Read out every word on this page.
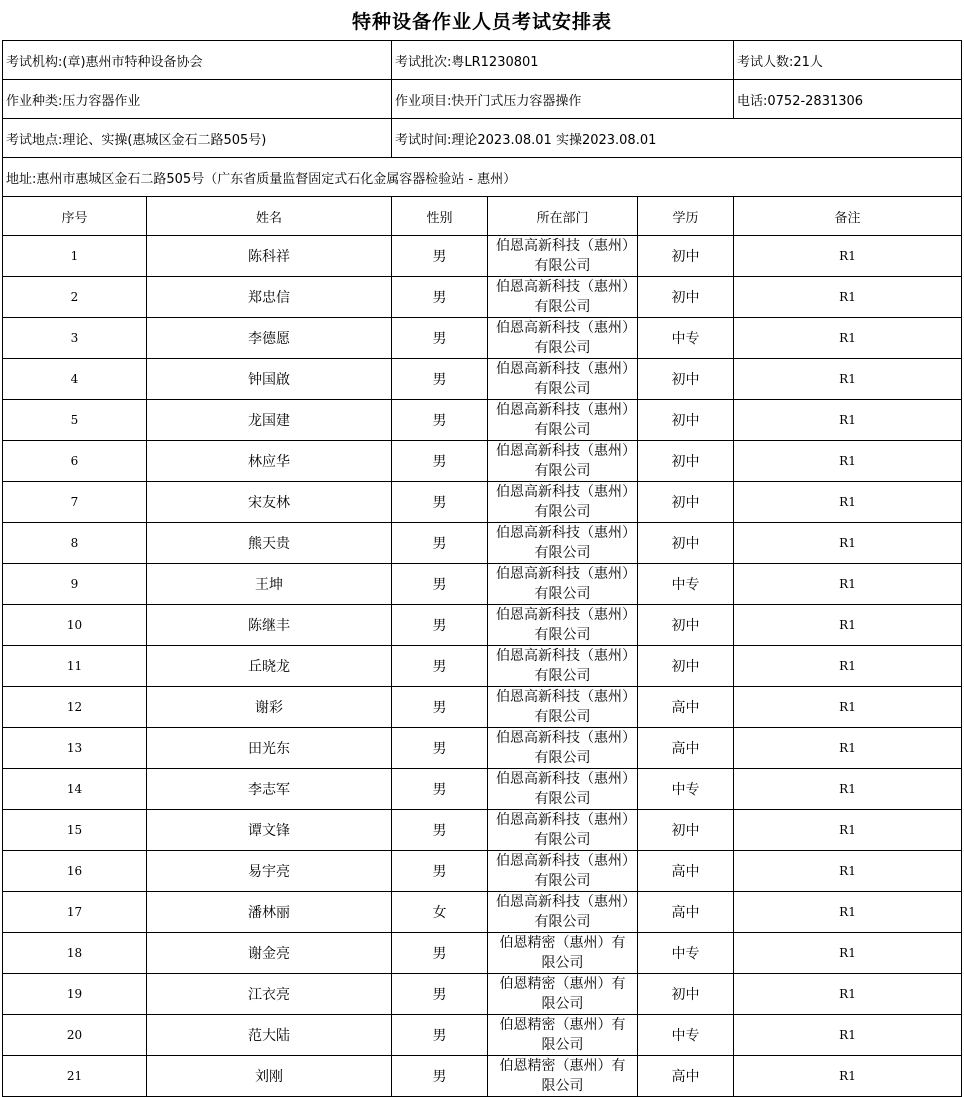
特种设备作业人员考试安排表
考试机构:(章)惠州市特种设备协会		考试批次:粤LR1230801			考试人数:21人
作业种类:压力容器作业		作业项目:快开门式压力容器操作			电话:0752-2831306
考试地点:理论、实操(惠城区金石二路505号)		考试时间:理论2023.08.01 实操2023.08.01			
地址:惠州市惠城区金石二路505号（广东省质量监督固定式石化金属容器检验站 - 惠州）					
序号	姓名	性别	所在部门	学历	备注
1	陈科祥	男	伯恩高新科技（惠州）有限公司	初中	R1
2	郑忠信	男	伯恩高新科技（惠州）有限公司	初中	R1
3	李德愿	男	伯恩高新科技（惠州）有限公司	中专	R1
4	钟国啟	男	伯恩高新科技（惠州）有限公司	初中	R1
5	龙国建	男	伯恩高新科技（惠州）有限公司	初中	R1
6	林应华	男	伯恩高新科技（惠州）有限公司	初中	R1
7	宋友林	男	伯恩高新科技（惠州）有限公司	初中	R1
8	熊天贵	男	伯恩高新科技（惠州）有限公司	初中	R1
9	王坤	男	伯恩高新科技（惠州）有限公司	中专	R1
10	陈继丰	男	伯恩高新科技（惠州）有限公司	初中	R1
11	丘晓龙	男	伯恩高新科技（惠州）有限公司	初中	R1
12	谢彩	男	伯恩高新科技（惠州）有限公司	高中	R1
13	田光东	男	伯恩高新科技（惠州）有限公司	高中	R1
14	李志军	男	伯恩高新科技（惠州）有限公司	中专	R1
15	谭文锋	男	伯恩高新科技（惠州）有限公司	初中	R1
16	易宇亮	男	伯恩高新科技（惠州）有限公司	高中	R1
17	潘林丽	女	伯恩高新科技（惠州）有限公司	高中	R1
18	谢金亮	男	伯恩精密（惠州）有限公司	中专	R1
19	江衣亮	男	伯恩精密（惠州）有限公司	初中	R1
20	范大陆	男	伯恩精密（惠州）有限公司	中专	R1
21	刘刚	男	伯恩精密（惠州）有限公司	高中	R1
